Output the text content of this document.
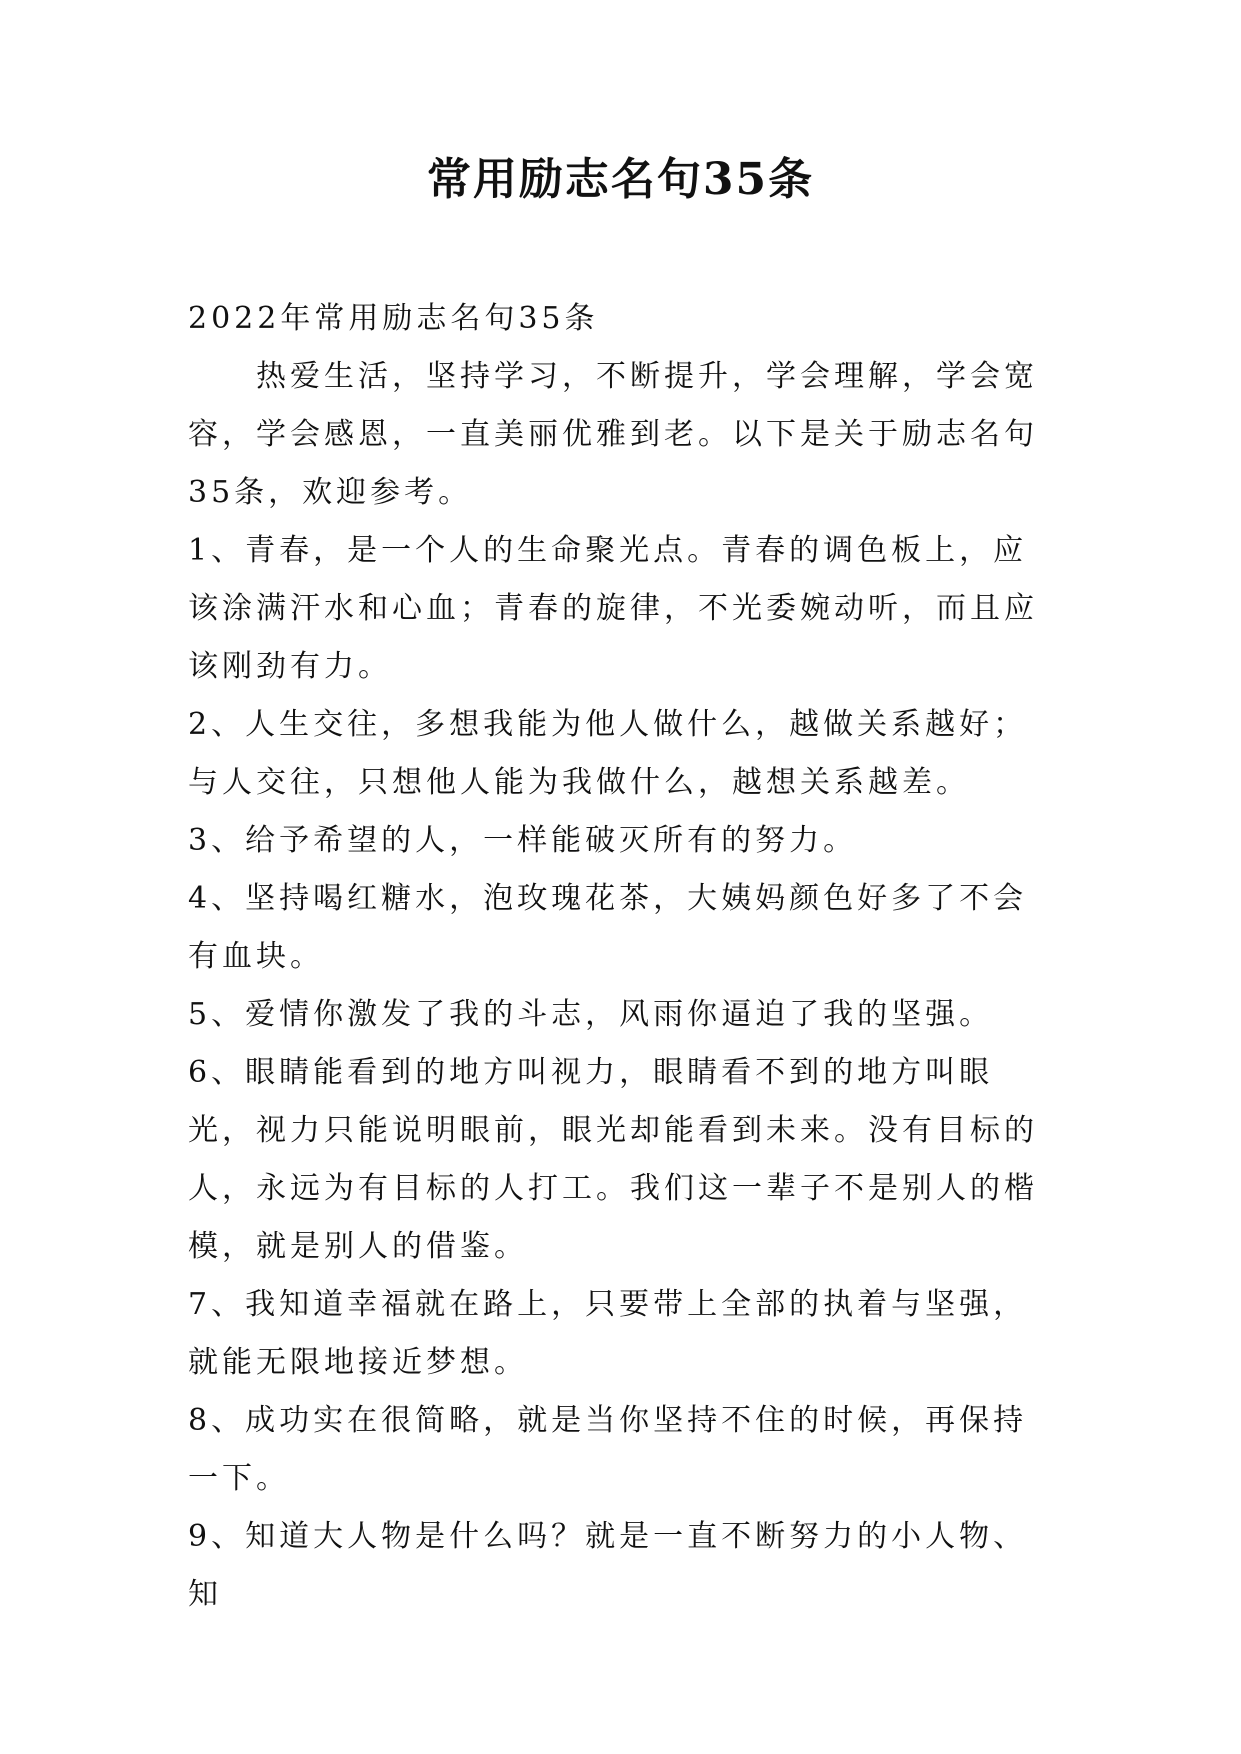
常用励志名句35条

2022年常用励志名句35条

热爱生活，坚持学习，不断提升，学会理解，学会宽容，学会感恩，一直美丽优雅到老。以下是关于励志名句35条，欢迎参考。

1、青春，是一个人的生命聚光点。青春的调色板上，应该涂满汗水和心血；青春的旋律，不光委婉动听，而且应该刚劲有力。

2、人生交往，多想我能为他人做什么，越做关系越好；与人交往，只想他人能为我做什么，越想关系越差。

3、给予希望的人，一样能破灭所有的努力。

4、坚持喝红糖水，泡玫瑰花茶，大姨妈颜色好多了不会有血块。

5、爱情你激发了我的斗志，风雨你逼迫了我的坚强。

6、眼睛能看到的地方叫视力，眼睛看不到的地方叫眼光，视力只能说明眼前，眼光却能看到未来。没有目标的人，永远为有目标的人打工。我们这一辈子不是别人的楷模，就是别人的借鉴。

7、我知道幸福就在路上，只要带上全部的执着与坚强，就能无限地接近梦想。

8、成功实在很简略，就是当你坚持不住的时候，再保持一下。

9、知道大人物是什么吗？就是一直不断努力的小人物、知
